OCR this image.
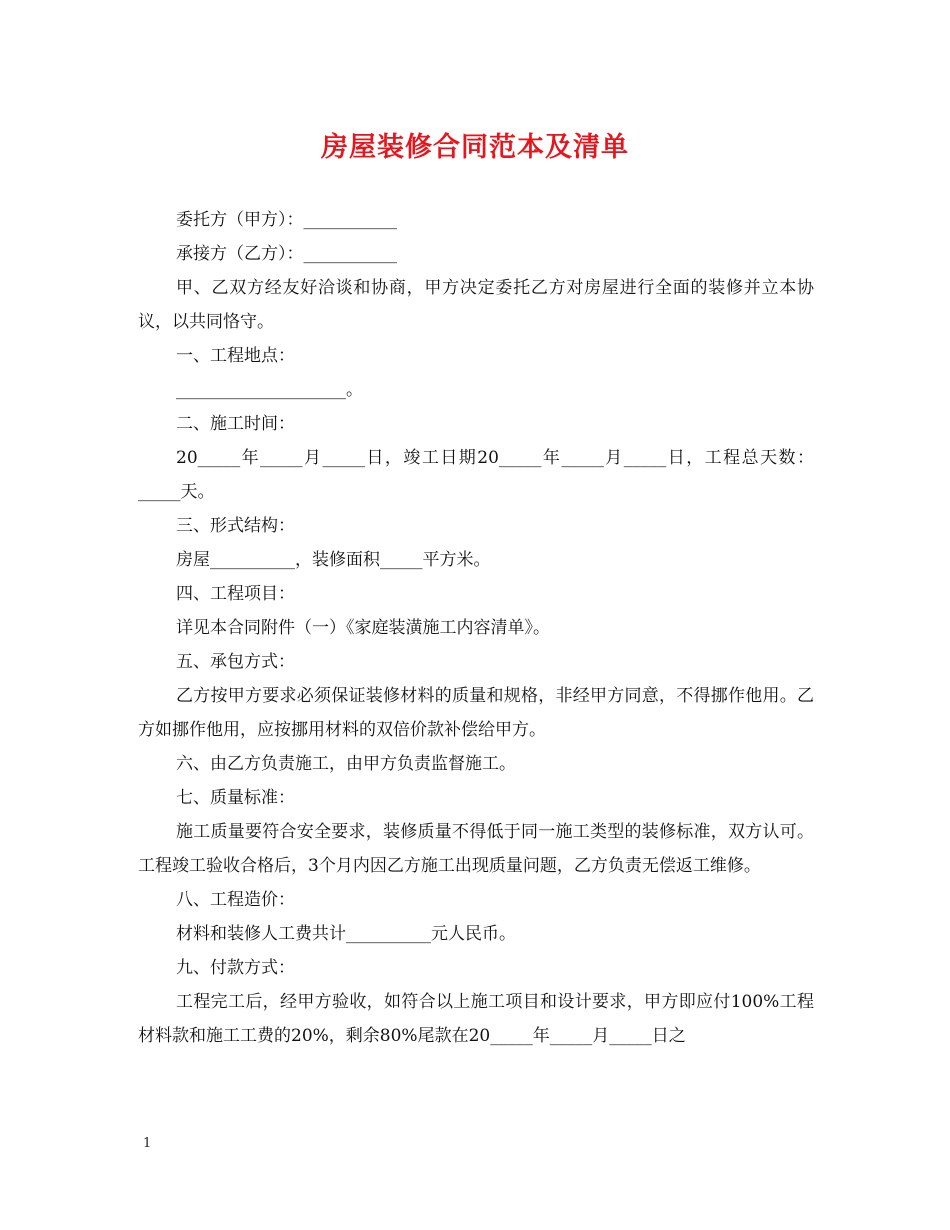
房屋装修合同范本及清单

委托方（甲方）：___________

承接方（乙方）：___________

甲、乙双方经友好洽谈和协商，甲方决定委托乙方对房屋进行全面的装修并立本协议，以共同恪守。

一、工程地点：

____________________。

二、施工时间：

20_____年_____月_____日，竣工日期20_____年_____月_____日，工程总天数：_____天。

三、形式结构：

房屋__________，装修面积_____平方米。

四、工程项目：

详见本合同附件（一）《家庭装潢施工内容清单》。

五、承包方式：

乙方按甲方要求必须保证装修材料的质量和规格，非经甲方同意，不得挪作他用。乙方如挪作他用，应按挪用材料的双倍价款补偿给甲方。

六、由乙方负责施工，由甲方负责监督施工。

七、质量标准：

施工质量要符合安全要求，装修质量不得低于同一施工类型的装修标准，双方认可。工程竣工验收合格后，3个月内因乙方施工出现质量问题，乙方负责无偿返工维修。

八、工程造价：

材料和装修人工费共计__________元人民币。

九、付款方式：

工程完工后，经甲方验收，如符合以上施工项目和设计要求，甲方即应付100%工程材料款和施工工费的20%，剩余80%尾款在20_____年_____月_____日之

1
